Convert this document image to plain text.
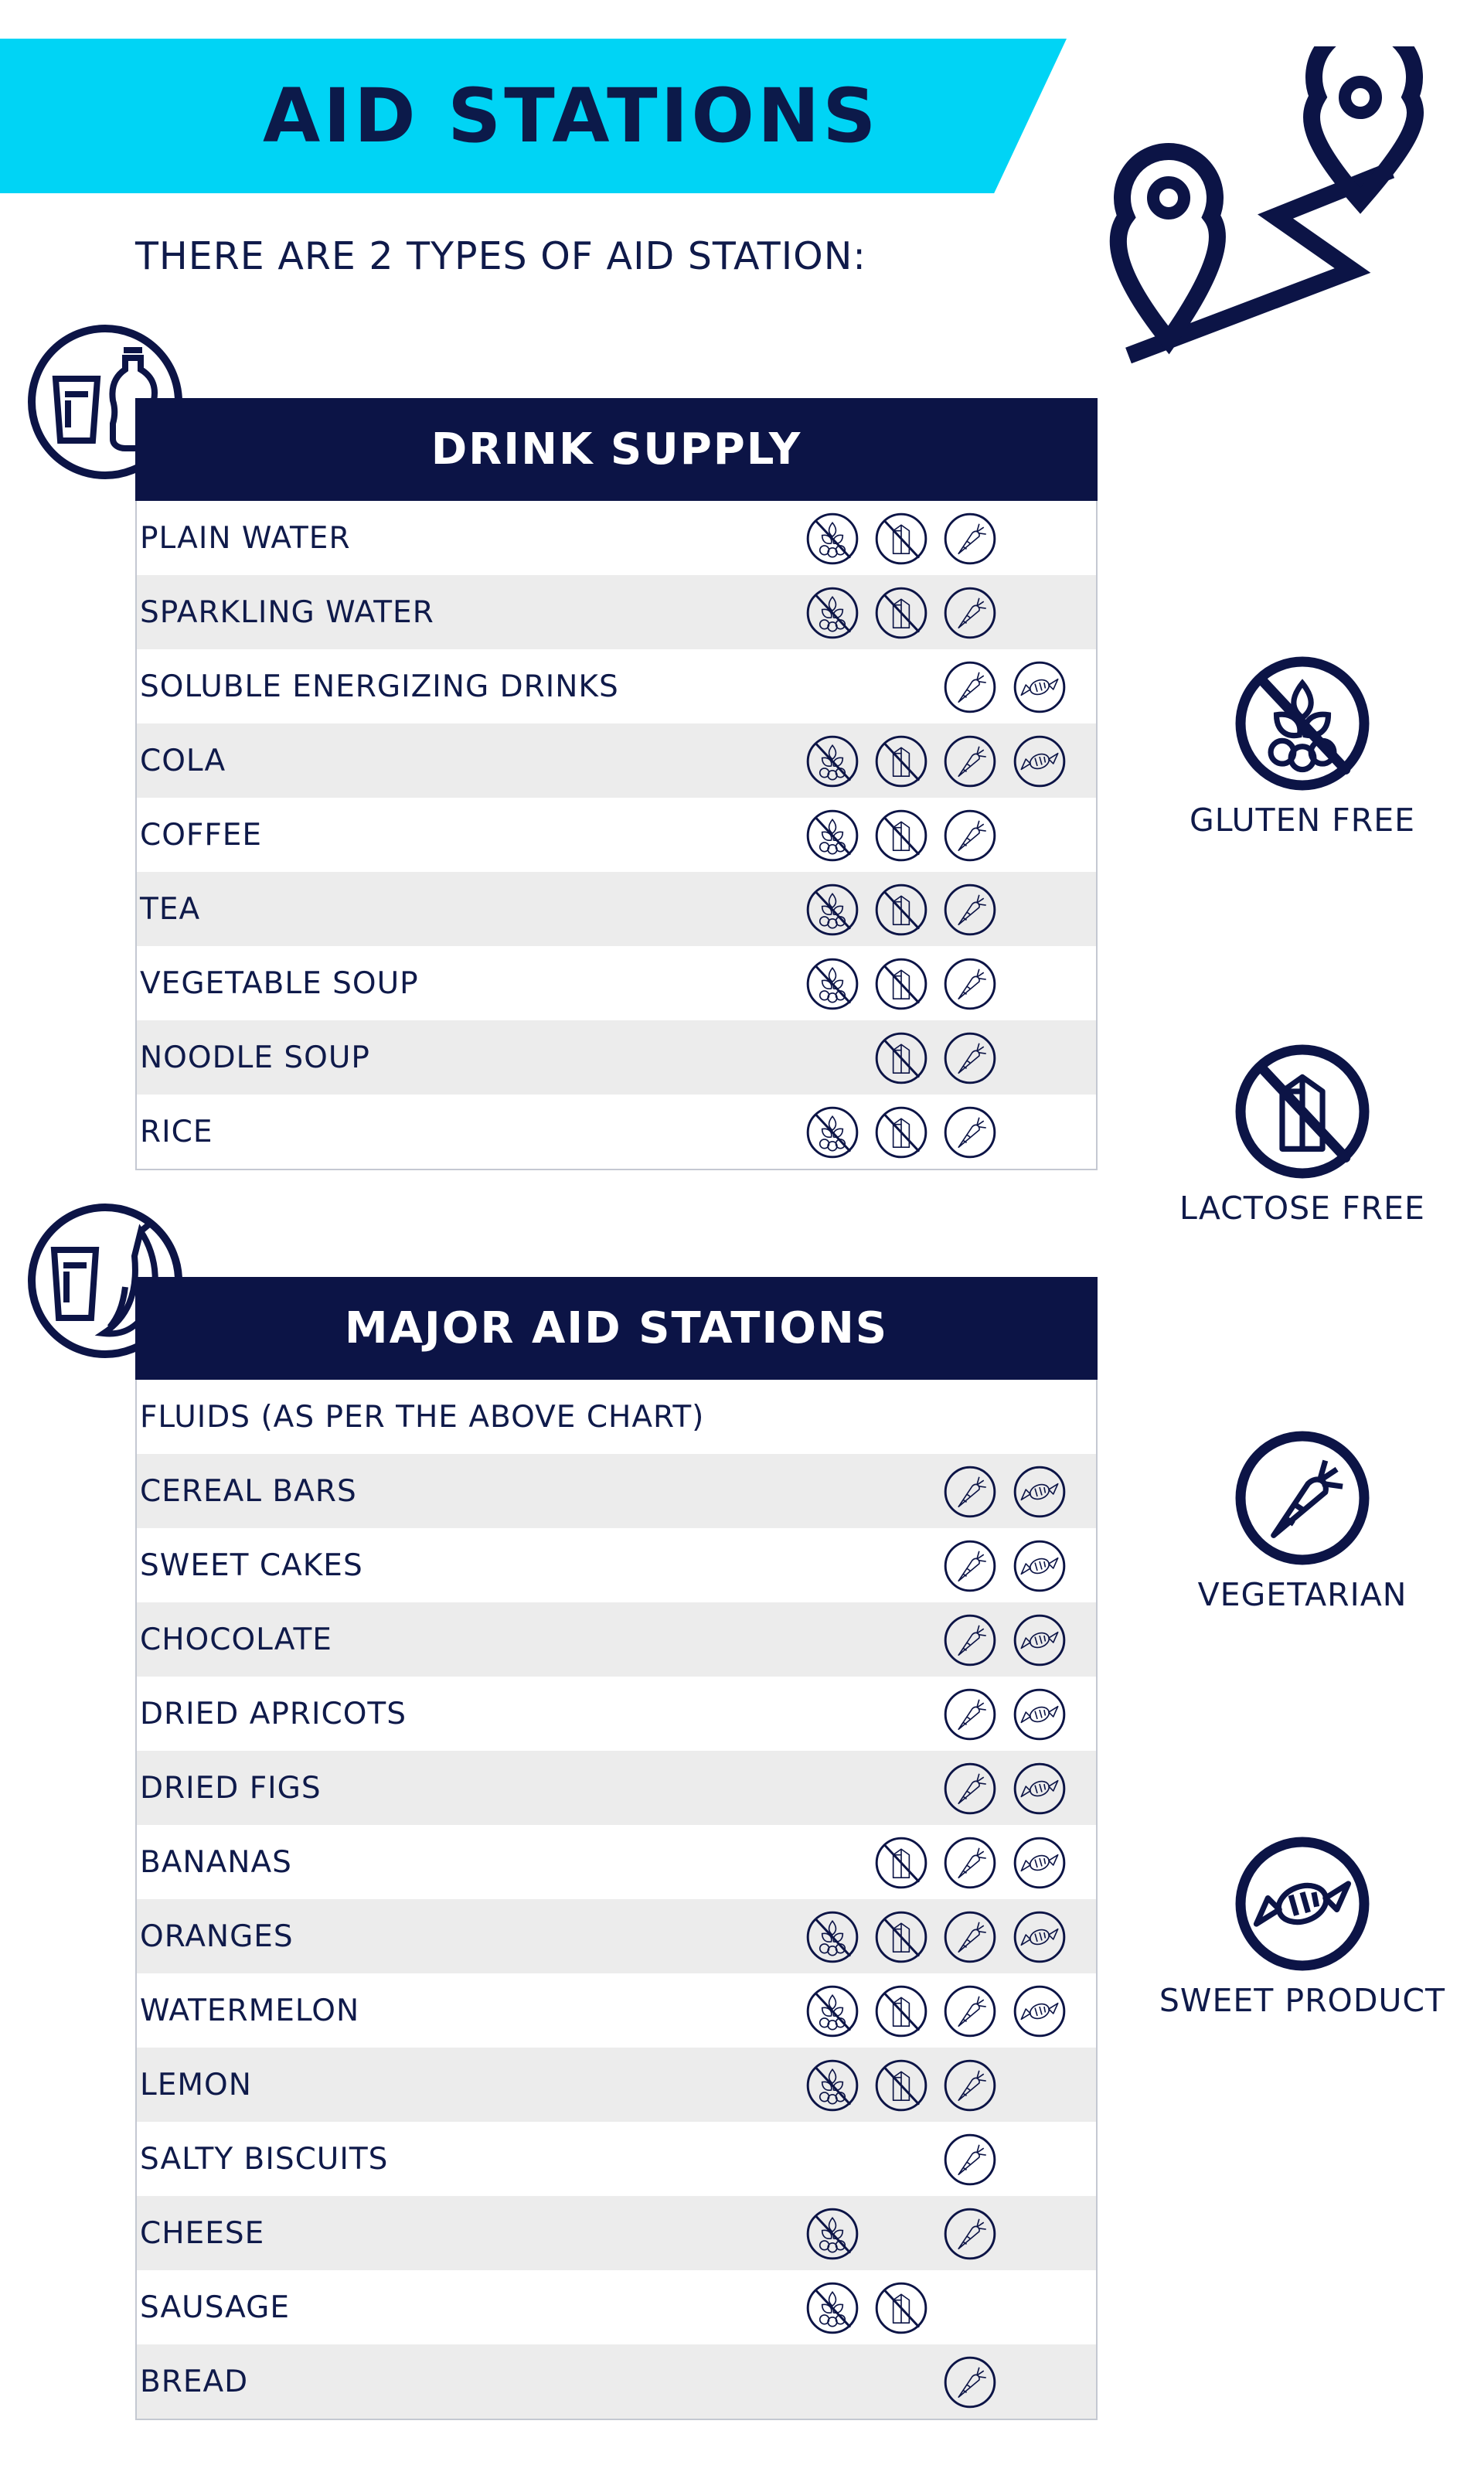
AID STATIONS
THERE ARE 2 TYPES OF AID STATION:
DRINK SUPPLY
PLAIN WATER
SPARKLING WATER
SOLUBLE ENERGIZING DRINKS
COLA
COFFEE
TEA
VEGETABLE SOUP
NOODLE SOUP
RICE
MAJOR AID STATIONS
FLUIDS (AS PER THE ABOVE CHART)
CEREAL BARS
SWEET CAKES
CHOCOLATE
DRIED APRICOTS
DRIED FIGS
BANANAS
ORANGES
WATERMELON
LEMON
SALTY BISCUITS
CHEESE
SAUSAGE
BREAD
GLUTEN FREE
LACTOSE FREE
VEGETARIAN
SWEET PRODUCT
